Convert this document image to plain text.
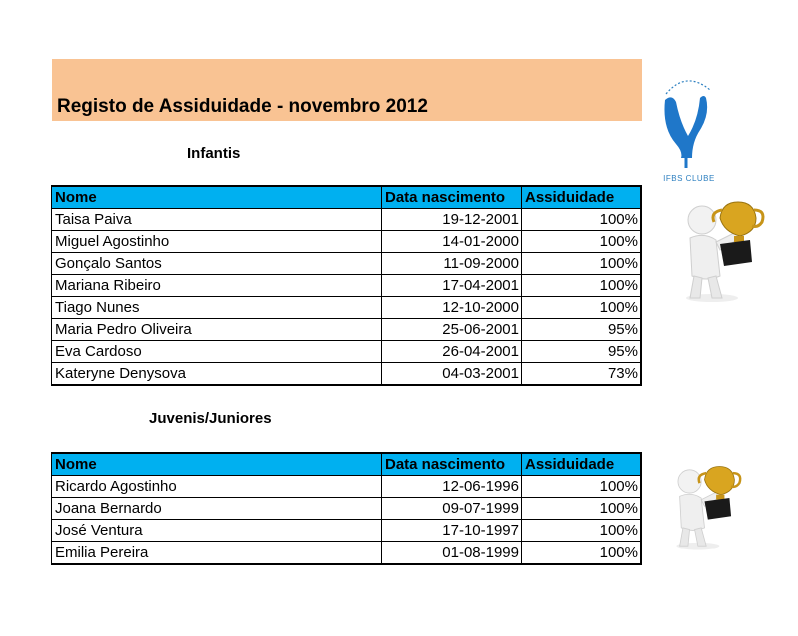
Registo de Assiduidade - novembro 2012
Infantis
Nome	Data nascimento	Assiduidade
Taisa Paiva	19-12-2001	100%
Miguel Agostinho	14-01-2000	100%
Gonçalo Santos	11-09-2000	100%
Mariana Ribeiro	17-04-2001	100%
Tiago Nunes	12-10-2000	100%
Maria Pedro Oliveira	25-06-2001	95%
Eva Cardoso	26-04-2001	95%
Kateryne Denysova	04-03-2001	73%
Juvenis/Juniores
Nome	Data nascimento	Assiduidade
Ricardo Agostinho	12-06-1996	100%
Joana Bernardo	09-07-1999	100%
José Ventura	17-10-1997	100%
Emilia Pereira	01-08-1999	100%
IFBS CLUBE
